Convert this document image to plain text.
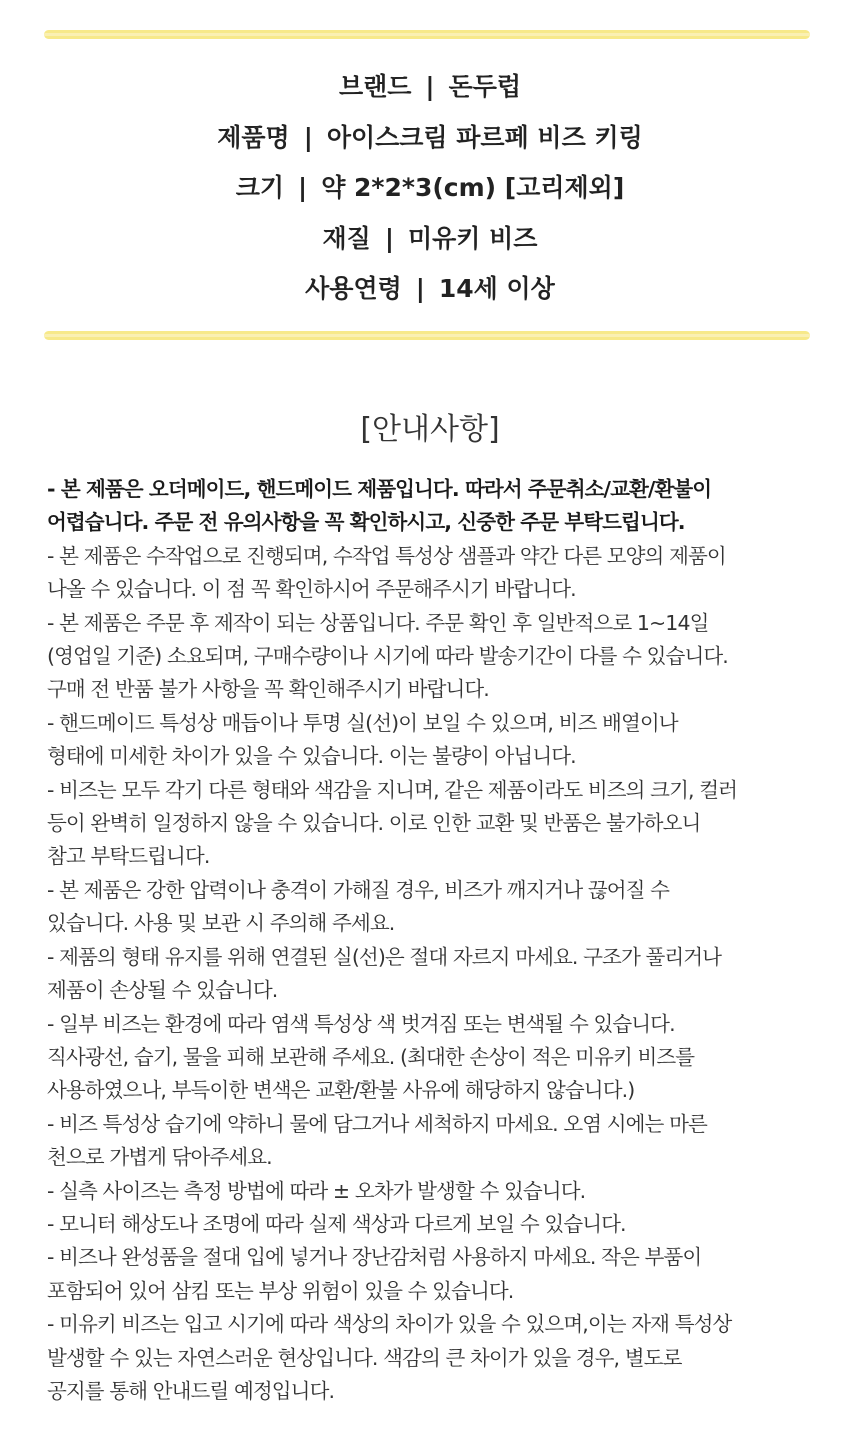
브랜드 | 돈두럽
제품명 | 아이스크림 파르페 비즈 키링
크기 | 약 2*2*3(cm) [고리제외]
재질 | 미유키 비즈
사용연령 | 14세 이상
[안내사항]
- 본 제품은 오더메이드, 핸드메이드 제품입니다. 따라서 주문취소/교환/환불이
어렵습니다. 주문 전 유의사항을 꼭 확인하시고, 신중한 주문 부탁드립니다.
- 본 제품은 수작업으로 진행되며, 수작업 특성상 샘플과 약간 다른 모양의 제품이
나올 수 있습니다. 이 점 꼭 확인하시어 주문해주시기 바랍니다.
- 본 제품은 주문 후 제작이 되는 상품입니다. 주문 확인 후 일반적으로 1~14일
(영업일 기준) 소요되며, 구매수량이나 시기에 따라 발송기간이 다를 수 있습니다.
구매 전 반품 불가 사항을 꼭 확인해주시기 바랍니다.
- 핸드메이드 특성상 매듭이나 투명 실(선)이 보일 수 있으며, 비즈 배열이나
형태에 미세한 차이가 있을 수 있습니다. 이는 불량이 아닙니다.
- 비즈는 모두 각기 다른 형태와 색감을 지니며, 같은 제품이라도 비즈의 크기, 컬러
등이 완벽히 일정하지 않을 수 있습니다. 이로 인한 교환 및 반품은 불가하오니
참고 부탁드립니다.
- 본 제품은 강한 압력이나 충격이 가해질 경우, 비즈가 깨지거나 끊어질 수
있습니다. 사용 및 보관 시 주의해 주세요.
- 제품의 형태 유지를 위해 연결된 실(선)은 절대 자르지 마세요. 구조가 풀리거나
제품이 손상될 수 있습니다.
- 일부 비즈는 환경에 따라 염색 특성상 색 벗겨짐 또는 변색될 수 있습니다.
직사광선, 습기, 물을 피해 보관해 주세요. (최대한 손상이 적은 미유키 비즈를
사용하였으나, 부득이한 변색은 교환/환불 사유에 해당하지 않습니다.)
- 비즈 특성상 습기에 약하니 물에 담그거나 세척하지 마세요. 오염 시에는 마른
천으로 가볍게 닦아주세요.
- 실측 사이즈는 측정 방법에 따라 ± 오차가 발생할 수 있습니다.
- 모니터 해상도나 조명에 따라 실제 색상과 다르게 보일 수 있습니다.
- 비즈나 완성품을 절대 입에 넣거나 장난감처럼 사용하지 마세요. 작은 부품이
포함되어 있어 삼킴 또는 부상 위험이 있을 수 있습니다.
- 미유키 비즈는 입고 시기에 따라 색상의 차이가 있을 수 있으며,이는 자재 특성상
발생할 수 있는 자연스러운 현상입니다. 색감의 큰 차이가 있을 경우, 별도로
공지를 통해 안내드릴 예정입니다.
